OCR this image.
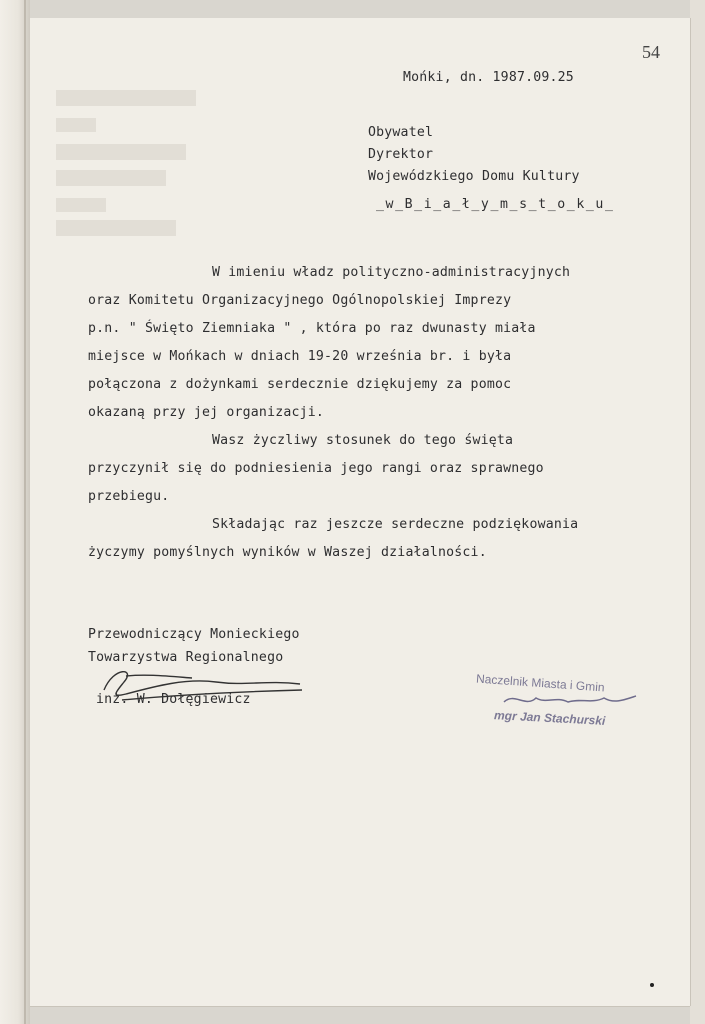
54
Mońki, dn. 1987.09.25
Obywatel
Dyrektor
Wojewódzkiego Domu Kultury
_w_B_i_a_ł_y_m_s_t_o_k_u_
W imieniu władz polityczno-administracyjnych
oraz Komitetu Organizacyjnego Ogólnopolskiej Imprezy
p.n. " Święto Ziemniaka " , która po raz dwunasty miała
miejsce w Mońkach w dniach 19-20 września br. i była
połączona z dożynkami serdecznie dziękujemy za pomoc
okazaną przy jej organizacji.
Wasz życzliwy stosunek do tego święta
przyczynił się do podniesienia jego rangi oraz sprawnego
przebiegu.
Składając raz jeszcze serdeczne podziękowania
życzymy pomyślnych wyników w Waszej działalności.
Przewodniczący Monieckiego
Towarzystwa Regionalnego
inż. W. Dołęgiewicz
Naczelnik Miasta i Gmin
mgr Jan Stachurski
